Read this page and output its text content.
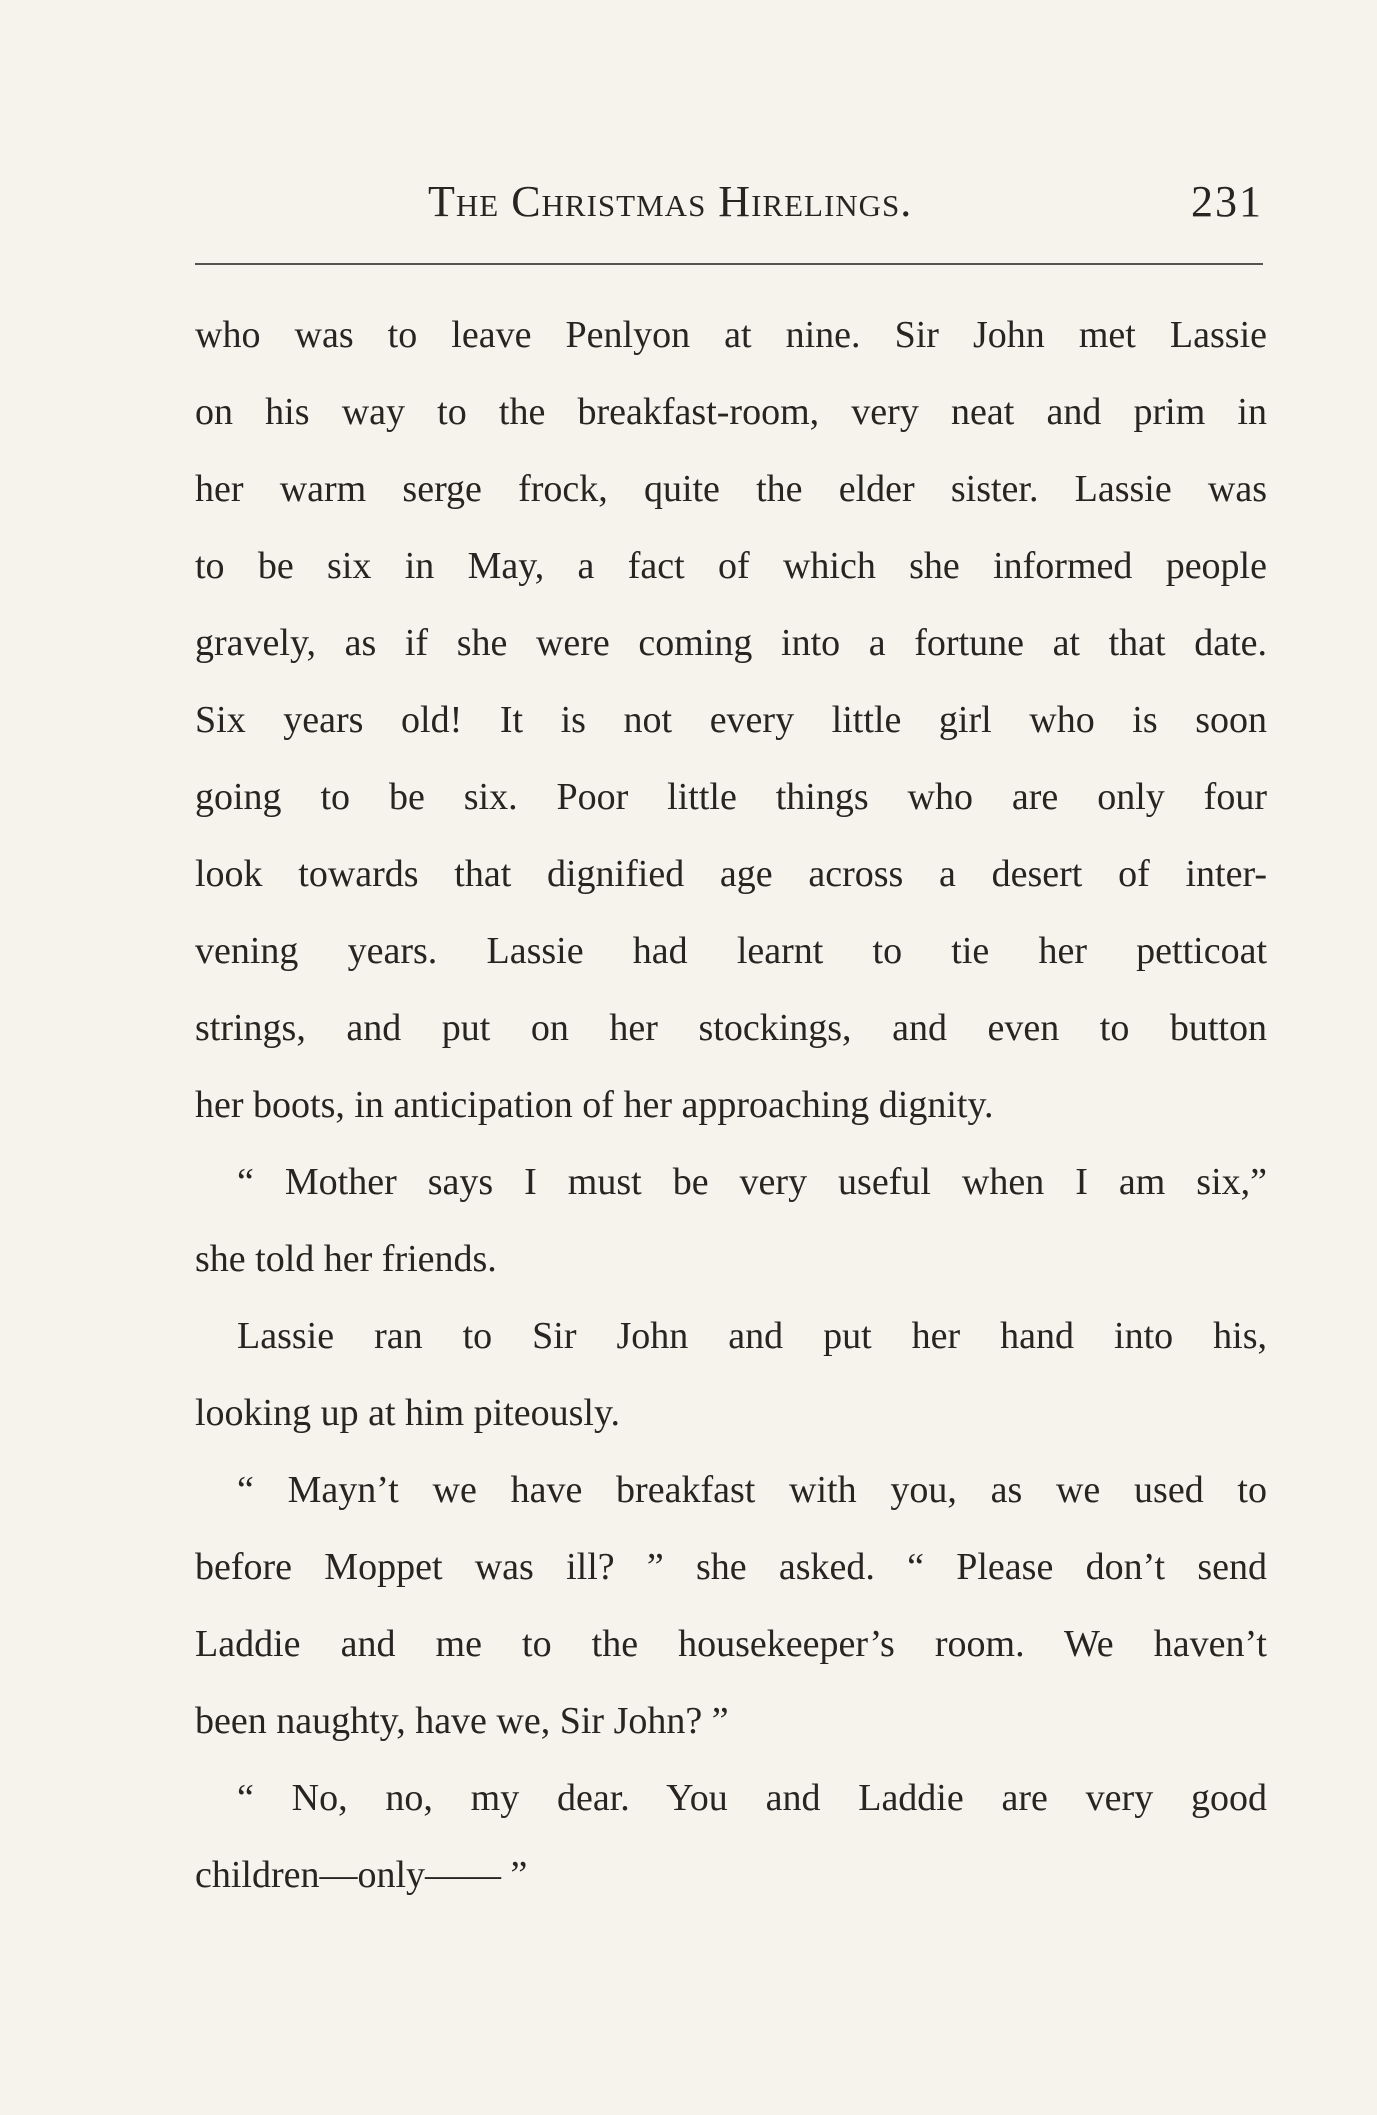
The Christmas Hirelings.	231
who was to leave Penlyon at nine. Sir John met Lassie
on his way to the breakfast-room, very neat and prim in
her warm serge frock, quite the elder sister. Lassie was
to be six in May, a fact of which she informed people
gravely, as if she were coming into a fortune at that date.
Six years old! It is not every little girl who is soon
going to be six. Poor little things who are only four
look towards that dignified age across a desert of inter-
vening years. Lassie had learnt to tie her petticoat
strings, and put on her stockings, and even to button
her boots, in anticipation of her approaching dignity.
“ Mother says I must be very useful when I am six,”
she told her friends.
Lassie ran to Sir John and put her hand into his,
looking up at him piteously.
“ Mayn’t we have breakfast with you, as we used to
before Moppet was ill? ” she asked. “ Please don’t send
Laddie and me to the housekeeper’s room. We haven’t
been naughty, have we, Sir John? ”
“ No, no, my dear. You and Laddie are very good
children—only—— ”
